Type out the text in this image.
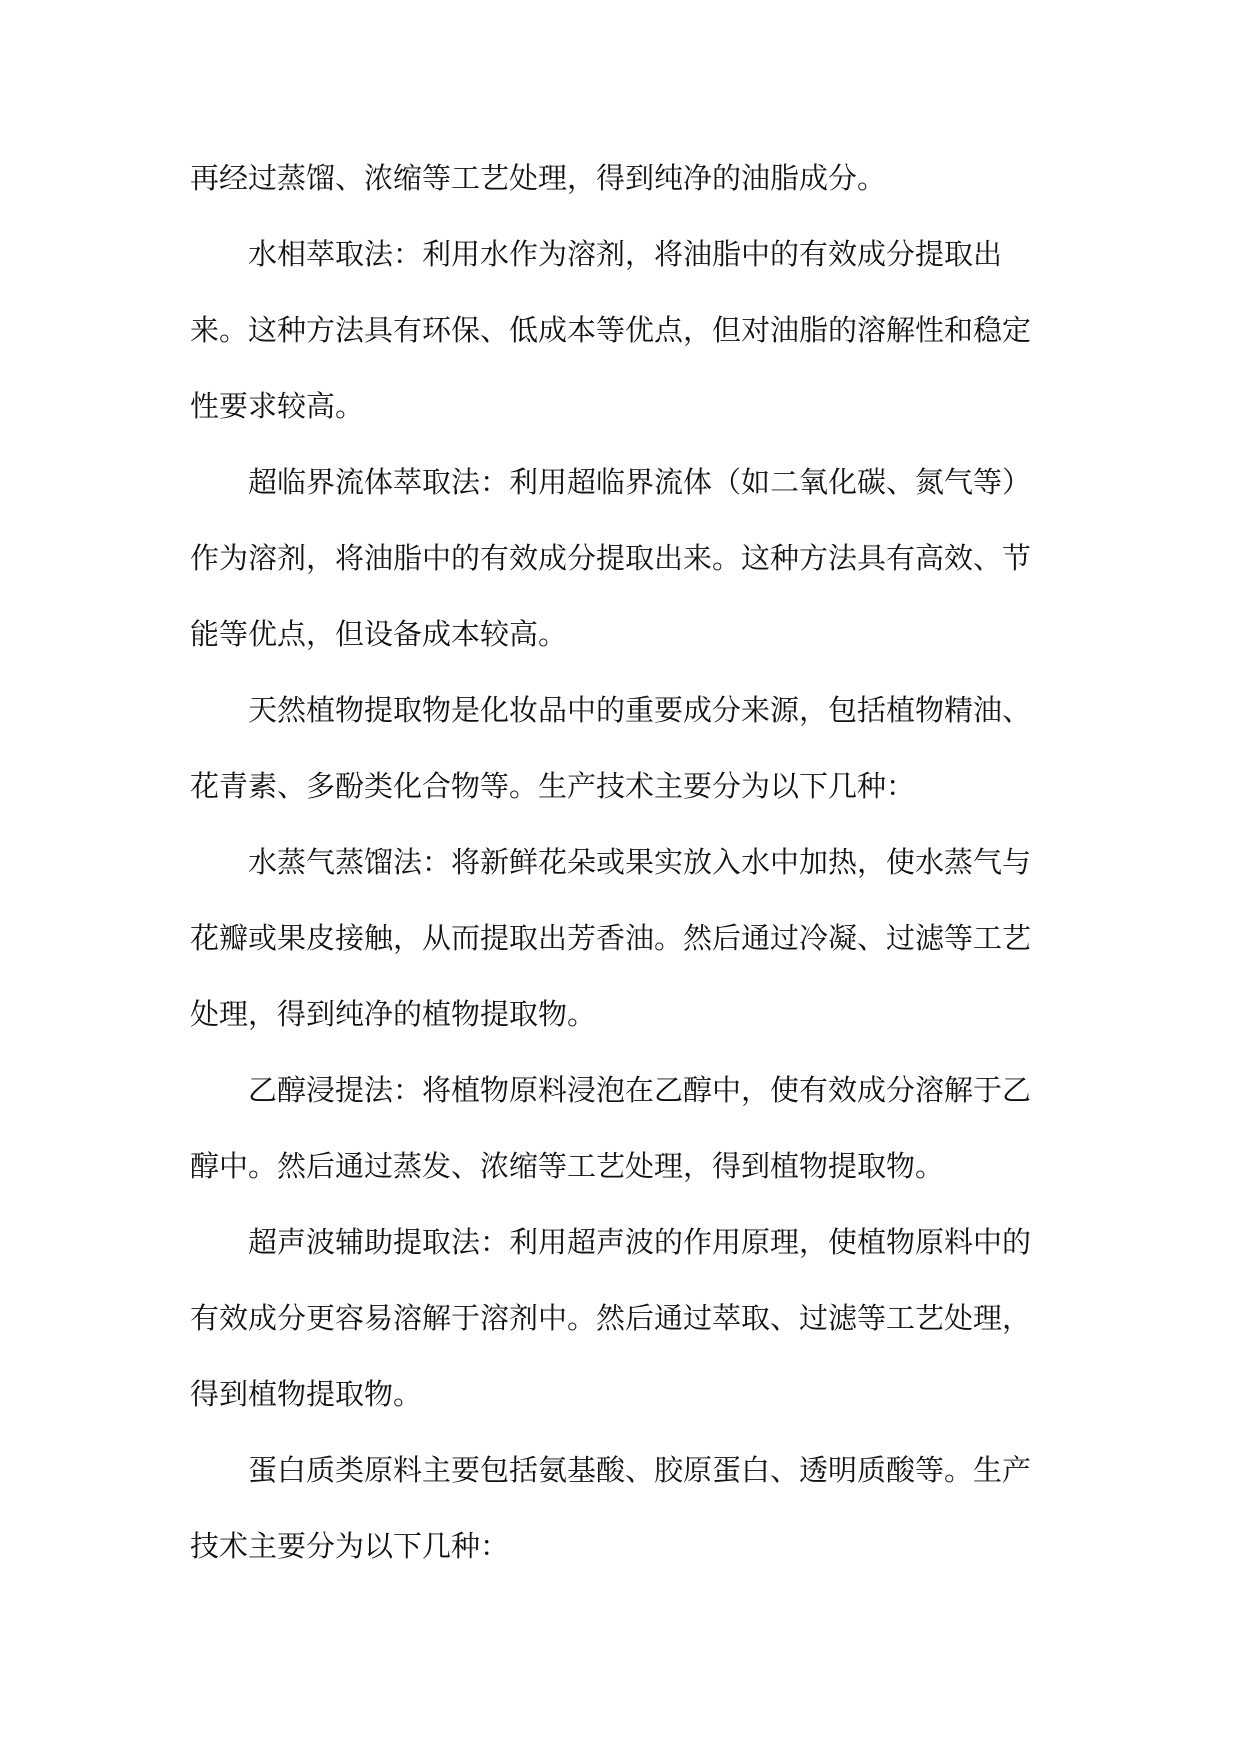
再经过蒸馏、浓缩等工艺处理，得到纯净的油脂成分。

水相萃取法：利用水作为溶剂，将油脂中的有效成分提取出来。这种方法具有环保、低成本等优点，但对油脂的溶解性和稳定性要求较高。

超临界流体萃取法：利用超临界流体（如二氧化碳、氮气等）作为溶剂，将油脂中的有效成分提取出来。这种方法具有高效、节能等优点，但设备成本较高。

天然植物提取物是化妆品中的重要成分来源，包括植物精油、花青素、多酚类化合物等。生产技术主要分为以下几种：

水蒸气蒸馏法：将新鲜花朵或果实放入水中加热，使水蒸气与花瓣或果皮接触，从而提取出芳香油。然后通过冷凝、过滤等工艺处理，得到纯净的植物提取物。

乙醇浸提法：将植物原料浸泡在乙醇中，使有效成分溶解于乙醇中。然后通过蒸发、浓缩等工艺处理，得到植物提取物。

超声波辅助提取法：利用超声波的作用原理，使植物原料中的有效成分更容易溶解于溶剂中。然后通过萃取、过滤等工艺处理，得到植物提取物。

蛋白质类原料主要包括氨基酸、胶原蛋白、透明质酸等。生产技术主要分为以下几种：
